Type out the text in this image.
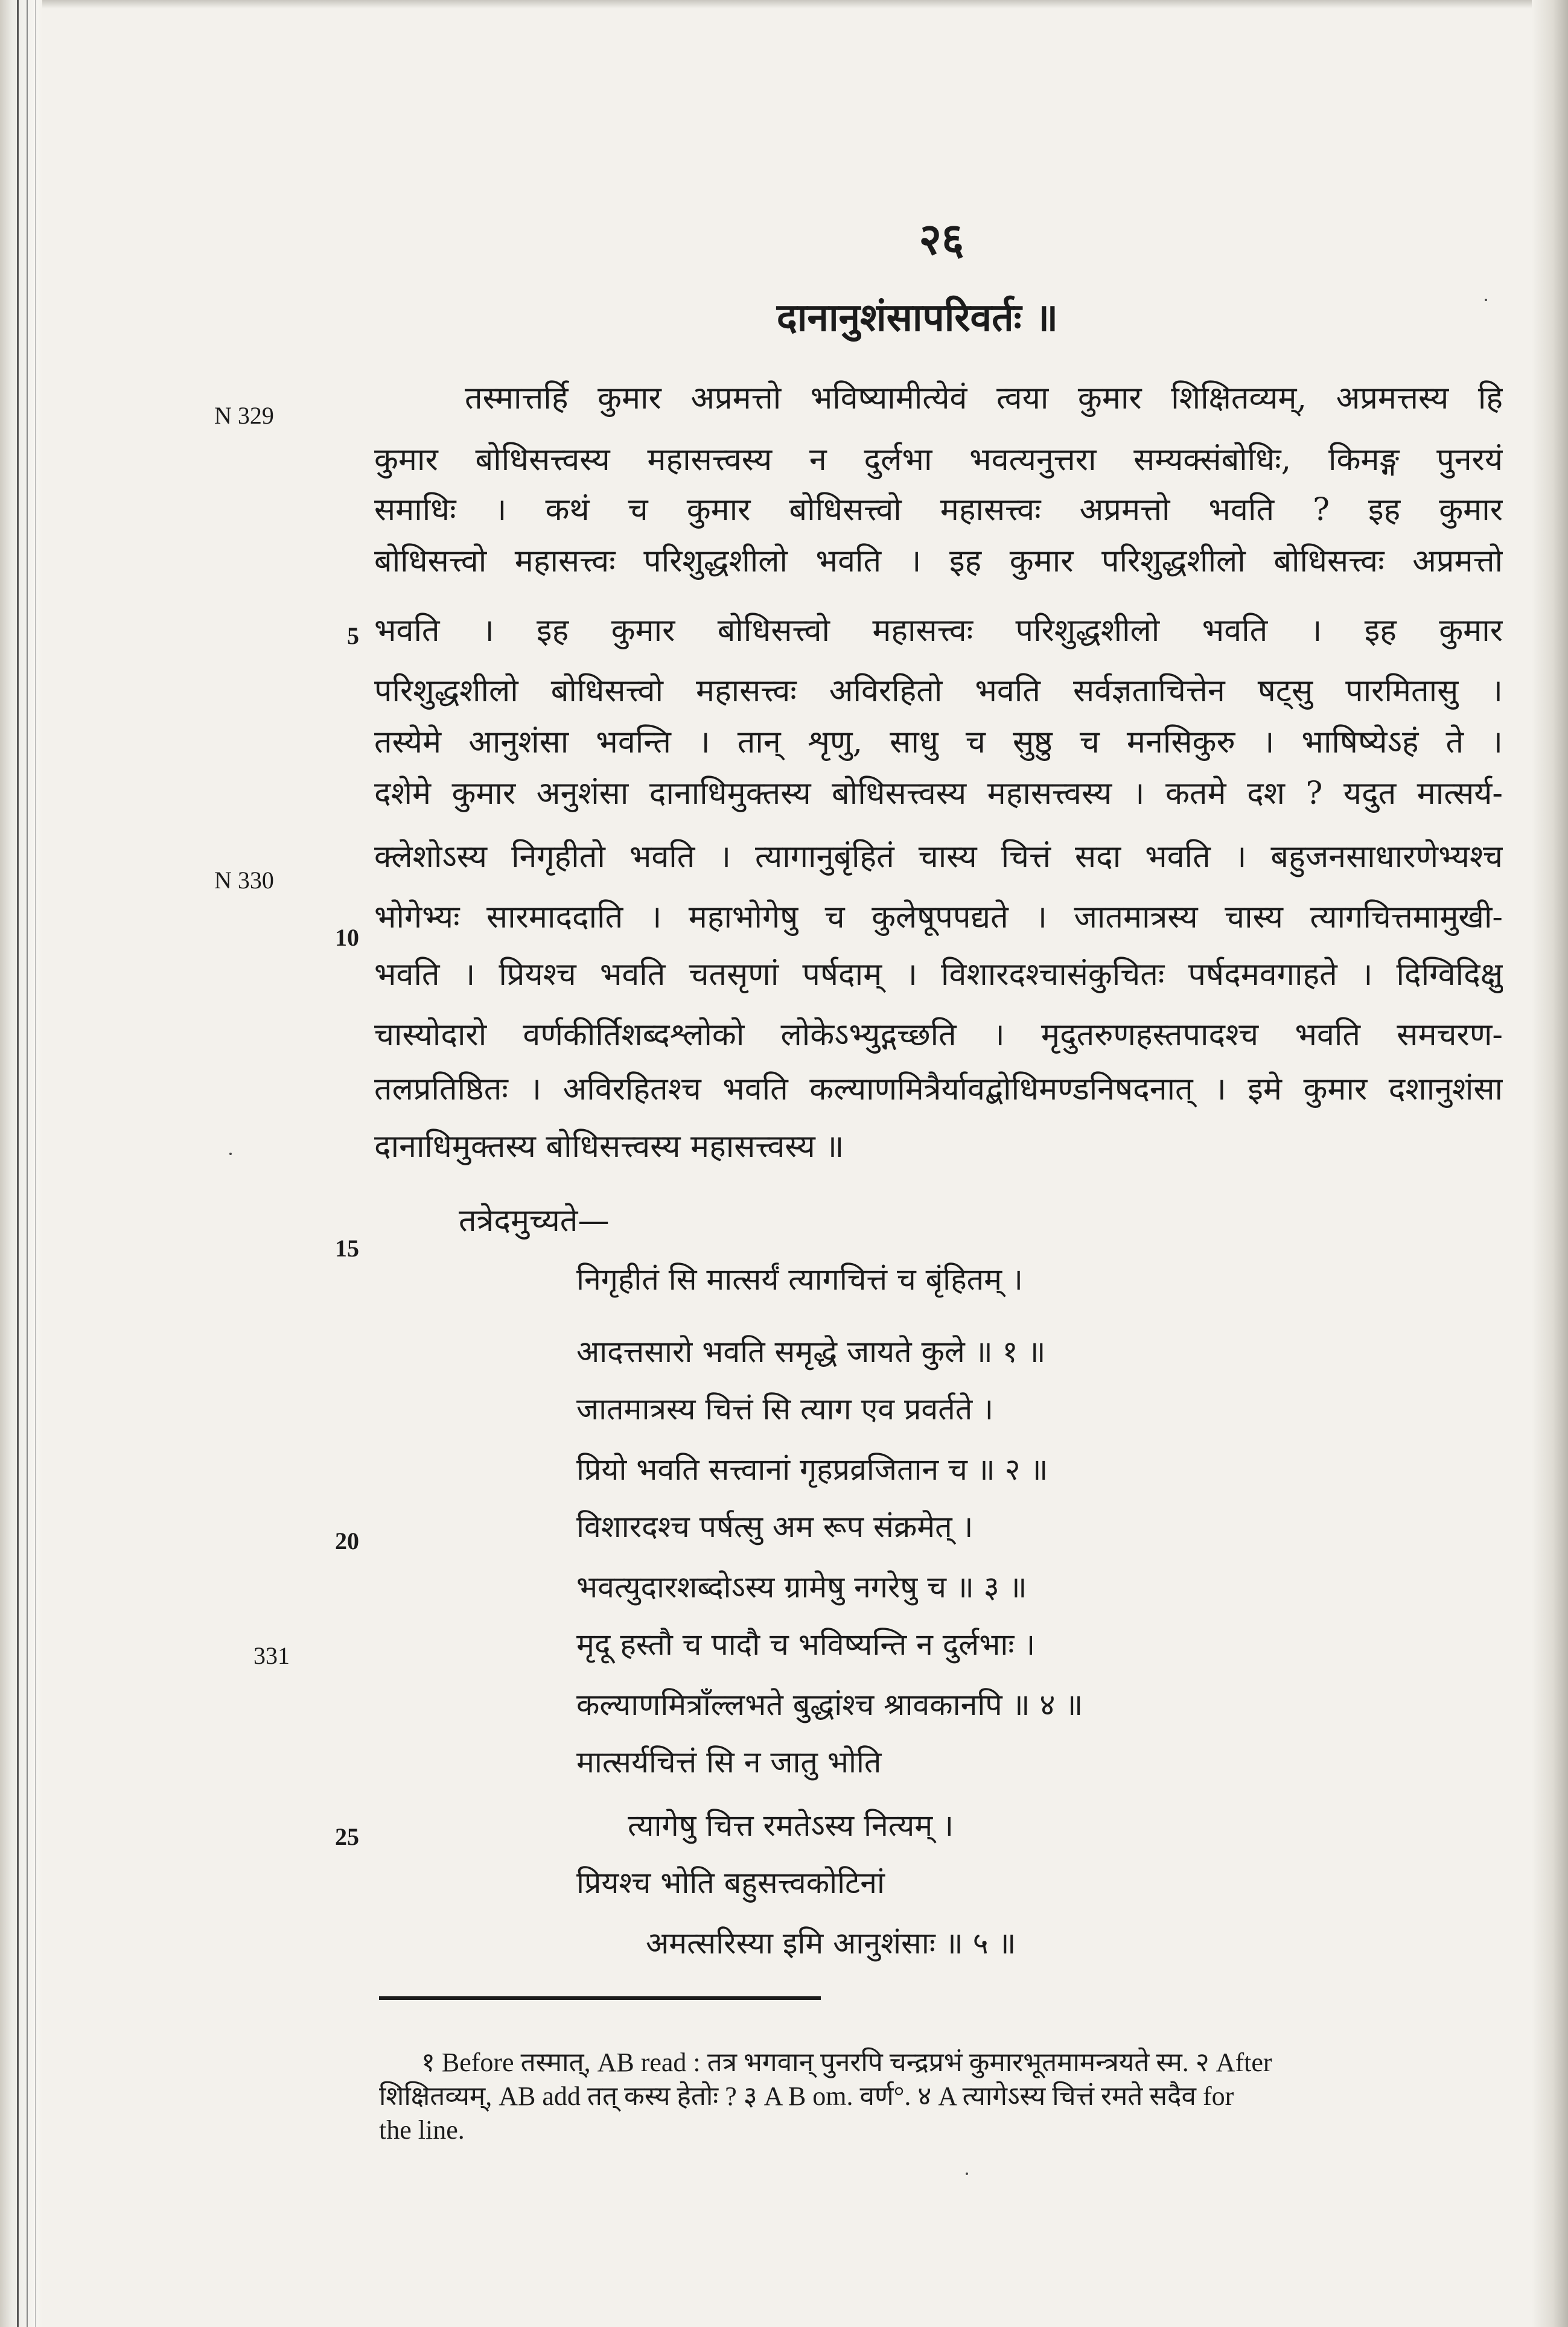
२६
दानानुशंसापरिवर्तः ॥
N 329
N 330
331
5
10
15
20
25
तस्मात्तर्हि कुमार अप्रमत्तो भविष्यामीत्येवं त्वया कुमार शिक्षितव्यम्, अप्रमत्तस्य हि
कुमार बोधिसत्त्वस्य महासत्त्वस्य न दुर्लभा भवत्यनुत्तरा सम्यक्संबोधिः, किमङ्ग पुनरयं
समाधिः । कथं च कुमार बोधिसत्त्वो महासत्त्वः अप्रमत्तो भवति ? इह कुमार
बोधिसत्त्वो महासत्त्वः परिशुद्धशीलो भवति । इह कुमार परिशुद्धशीलो बोधिसत्त्वः अप्रमत्तो
भवति । इह कुमार बोधिसत्त्वो महासत्त्वः परिशुद्धशीलो भवति । इह कुमार
परिशुद्धशीलो बोधिसत्त्वो महासत्त्वः अविरहितो भवति सर्वज्ञताचित्तेन षट्सु पारमितासु ।
तस्येमे आनुशंसा भवन्ति । तान् शृणु, साधु च सुष्ठु च मनसिकुरु । भाषिष्येऽहं ते ।
दशेमे कुमार अनुशंसा दानाधिमुक्तस्य बोधिसत्त्वस्य महासत्त्वस्य । कतमे दश ? यदुत मात्सर्य-
क्लेशोऽस्य निगृहीतो भवति । त्यागानुबृंहितं चास्य चित्तं सदा भवति । बहुजनसाधारणेभ्यश्च
भोगेभ्यः सारमाददाति । महाभोगेषु च कुलेषूपपद्यते । जातमात्रस्य चास्य त्यागचित्तमामुखी-
भवति । प्रियश्च भवति चतसृणां पर्षदाम् । विशारदश्चासंकुचितः पर्षदमवगाहते । दिग्विदिक्षु
चास्योदारो वर्णकीर्तिशब्दश्लोको लोकेऽभ्युद्गच्छति । मृदुतरुणहस्तपादश्च भवति समचरण-
तलप्रतिष्ठितः । अविरहितश्च भवति कल्याणमित्रैर्यावद्बोधिमण्डनिषदनात् । इमे कुमार दशानुशंसा
दानाधिमुक्तस्य बोधिसत्त्वस्य महासत्त्वस्य ॥
तत्रेदमुच्यते—
निगृहीतं सि मात्सर्यं त्यागचित्तं च बृंहितम् ।
आदत्तसारो भवति समृद्धे जायते कुले ॥ १ ॥
जातमात्रस्य चित्तं सि त्याग एव प्रवर्तते ।
प्रियो भवति सत्त्वानां गृहप्रव्रजितान च ॥ २ ॥
विशारदश्च पर्षत्सु अम रूप संक्रमेत् ।
भवत्युदारशब्दोऽस्य ग्रामेषु नगरेषु च ॥ ३ ॥
मृदू हस्तौ च पादौ च भविष्यन्ति न दुर्लभाः ।
कल्याणमित्राँल्लभते बुद्धांश्च श्रावकानपि ॥ ४ ॥
मात्सर्यचित्तं सि न जातु भोति
त्यागेषु चित्त रमतेऽस्य नित्यम् ।
प्रियश्च भोति बहुसत्त्वकोटिनां
अमत्सरिस्या इमि आनुशंसाः ॥ ५ ॥
१ Before तस्मात्, AB read : तत्र भगवान् पुनरपि चन्द्रप्रभं कुमारभूतमामन्त्रयते स्म. २ After
शिक्षितव्यम्, AB add तत् कस्य हेतोः ? ३ A B om. वर्ण°. ४ A त्यागेऽस्य चित्तं रमते सदैव for
the line.
